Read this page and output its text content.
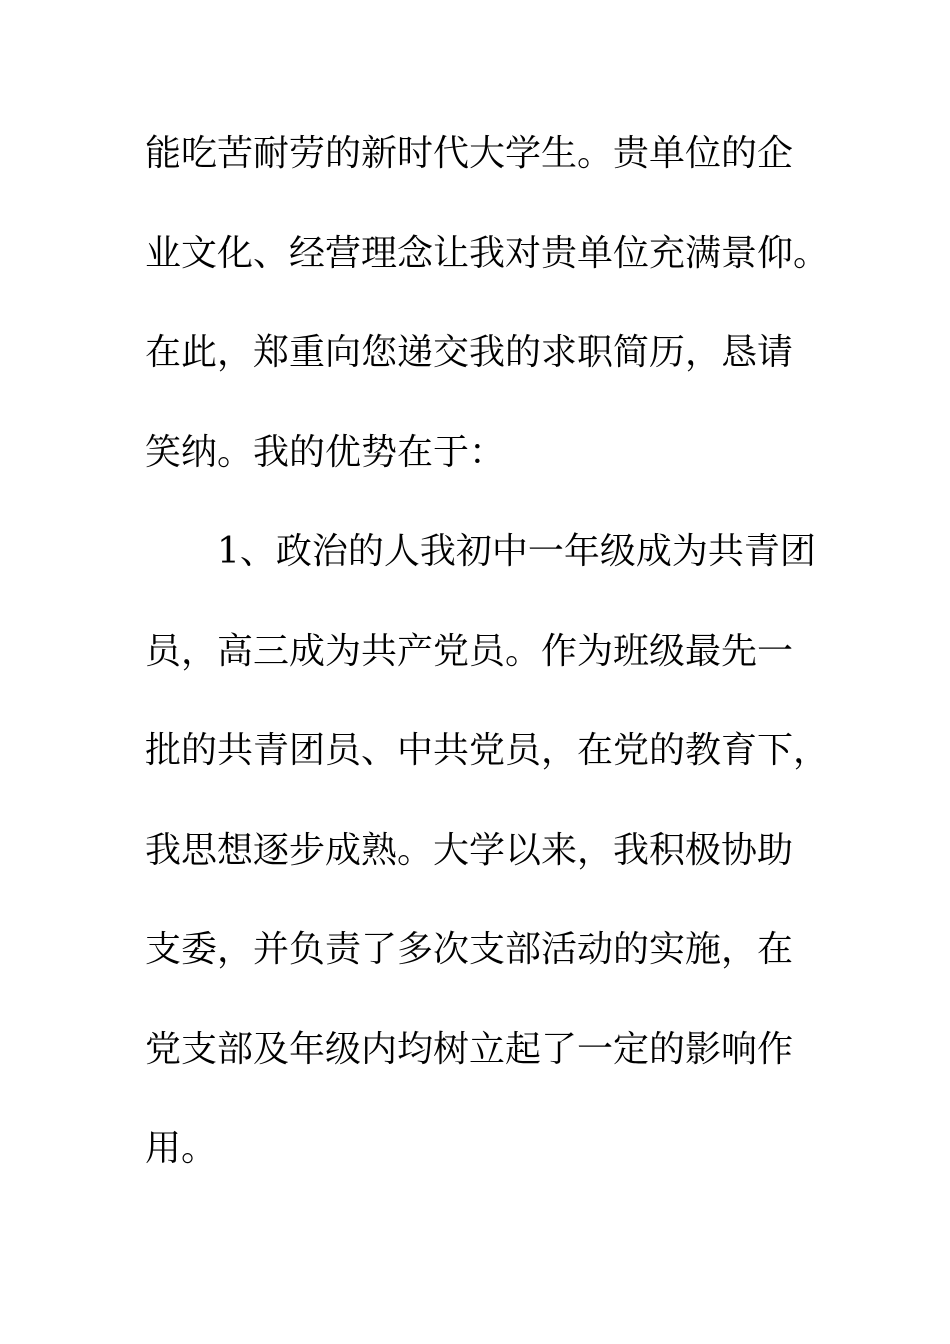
能吃苦耐劳的新时代大学生。贵单位的企
业文化、经营理念让我对贵单位充满景仰。
在此，郑重向您递交我的求职简历，恳请
笑纳。我的优势在于：
1、政治的人我初中一年级成为共青团
员，高三成为共产党员。作为班级最先一
批的共青团员、中共党员，在党的教育下，
我思想逐步成熟。大学以来，我积极协助
支委，并负责了多次支部活动的实施，在
党支部及年级内均树立起了一定的影响作
用。
